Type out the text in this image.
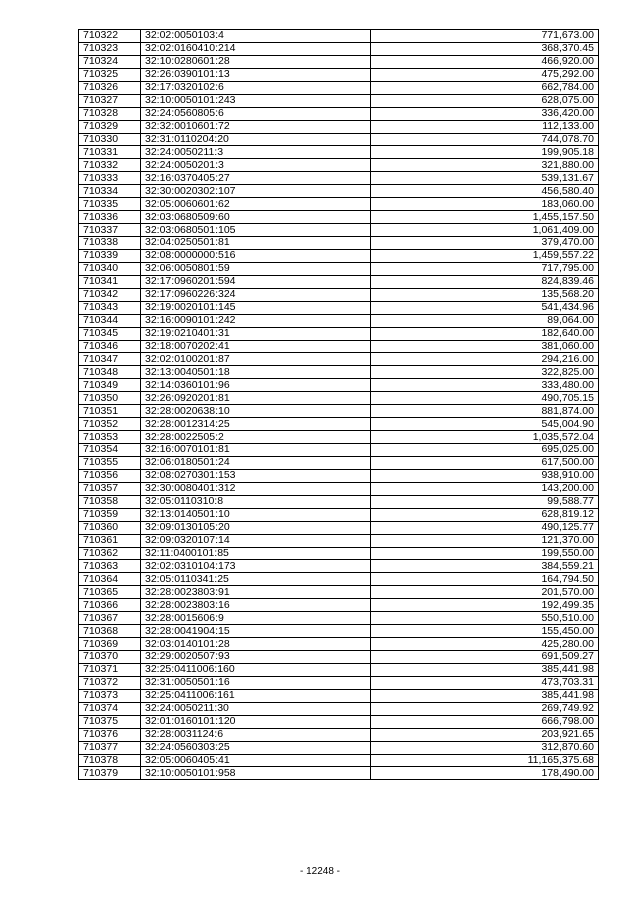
710322	32:02:0050103:4	771,673.00
710323	32:02:0160410:214	368,370.45
710324	32:10:0280601:28	466,920.00
710325	32:26:0390101:13	475,292.00
710326	32:17:0320102:6	662,784.00
710327	32:10:0050101:243	628,075.00
710328	32:24:0560805:6	336,420.00
710329	32:32:0010601:72	112,133.00
710330	32:31:0110204:20	744,078.70
710331	32:24:0050211:3	199,905.18
710332	32:24:0050201:3	321,880.00
710333	32:16:0370405:27	539,131.67
710334	32:30:0020302:107	456,580.40
710335	32:05:0060601:62	183,060.00
710336	32:03:0680509:60	1,455,157.50
710337	32:03:0680501:105	1,061,409.00
710338	32:04:0250501:81	379,470.00
710339	32:08:0000000:516	1,459,557.22
710340	32:06:0050801:59	717,795.00
710341	32:17:0960201:594	824,839.46
710342	32:17:0960226:324	135,568.20
710343	32:19:0020101:145	541,434.96
710344	32:16:0090101:242	89,064.00
710345	32:19:0210401:31	182,640.00
710346	32:18:0070202:41	381,060.00
710347	32:02:0100201:87	294,216.00
710348	32:13:0040501:18	322,825.00
710349	32:14:0360101:96	333,480.00
710350	32:26:0920201:81	490,705.15
710351	32:28:0020638:10	881,874.00
710352	32:28:0012314:25	545,004.90
710353	32:28:0022505:2	1,035,572.04
710354	32:16:0070101:81	695,025.00
710355	32:06:0180501:24	617,500.00
710356	32:08:0270301:153	938,910.00
710357	32:30:0080401:312	143,200.00
710358	32:05:0110310:8	99,588.77
710359	32:13:0140501:10	628,819.12
710360	32:09:0130105:20	490,125.77
710361	32:09:0320107:14	121,370.00
710362	32:11:0400101:85	199,550.00
710363	32:02:0310104:173	384,559.21
710364	32:05:0110341:25	164,794.50
710365	32:28:0023803:91	201,570.00
710366	32:28:0023803:16	192,499.35
710367	32:28:0015606:9	550,510.00
710368	32:28:0041904:15	155,450.00
710369	32:03:0140101:28	425,280.00
710370	32:29:0020507:93	691,509.27
710371	32:25:0411006:160	385,441.98
710372	32:31:0050501:16	473,703.31
710373	32:25:0411006:161	385,441.98
710374	32:24:0050211:30	269,749.92
710375	32:01:0160101:120	666,798.00
710376	32:28:0031124:6	203,921.65
710377	32:24:0560303:25	312,870.60
710378	32:05:0060405:41	11,165,375.68
710379	32:10:0050101:958	178,490.00
- 12248 -
